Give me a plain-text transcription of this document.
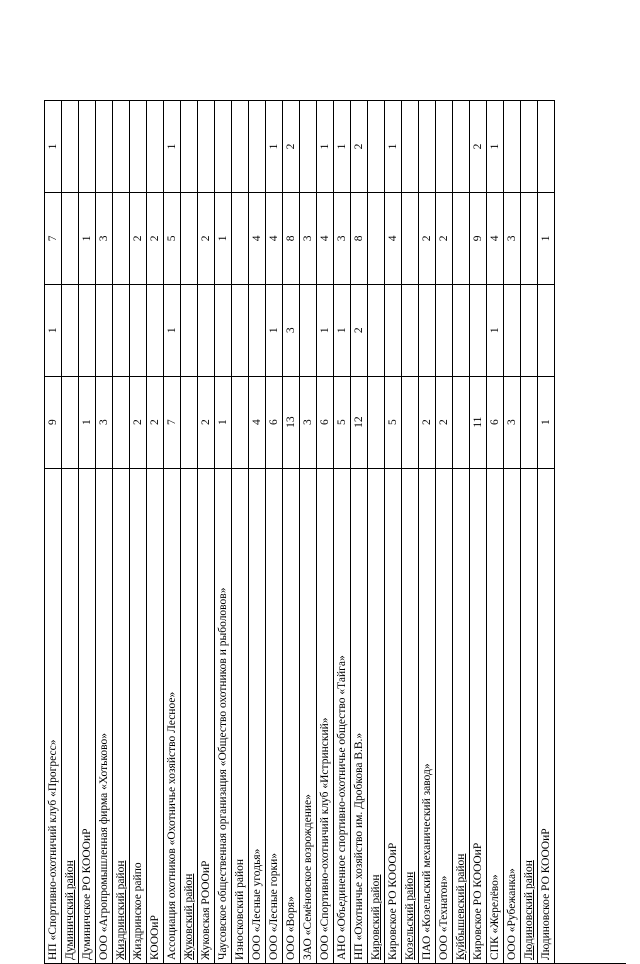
НП «Спортивно-охотничий клуб «Прогресс»
9
1
7
1
Думиничский район Думиничское РО КОООиР
1
1
ООО «Агропромышленная фирма «Хотьково»
3
3
Жиздринский район Жиздринское райпо
2
2
КОООиР
2
2
Ассоциация охотников «Охотничье хозяйство Лесное»
7
1
5
1
Жуковский район Жуковская РОООиР
2
2
Чаусовское общественная организация «Общество охотников и рыболовов»
1
1
Износковский район ООО «Лесные угодья»
4
4
ООО «Лесные горки»
6
1
4
1
ООО «Воря»
13
3
8
2
ЗАО «Семёновское возрождение»
3
3
ООО «Спортивно-охотничий клуб «Истринский»
6
1
4
1
АНО «Объединенное спортивно-охотничье общество «Тайга»
5
1
3
1
НП «Охотничье хозяйство им. Дробкова В.В.»
12
2
8
2
Кировский район Кировское РО КОООиР
5
4
1
Козельский район ПАО «Козельский механический завод»
2
2
ООО «Технатон»
2
2
Куйбышевский район Кировское РО КОООиР
11
9
2
СПК «Жерелёво»
6
1
4
1
ООО «Рубежанка»
3
3
Людиновский район Людиновское РО КОООиР
1
1
